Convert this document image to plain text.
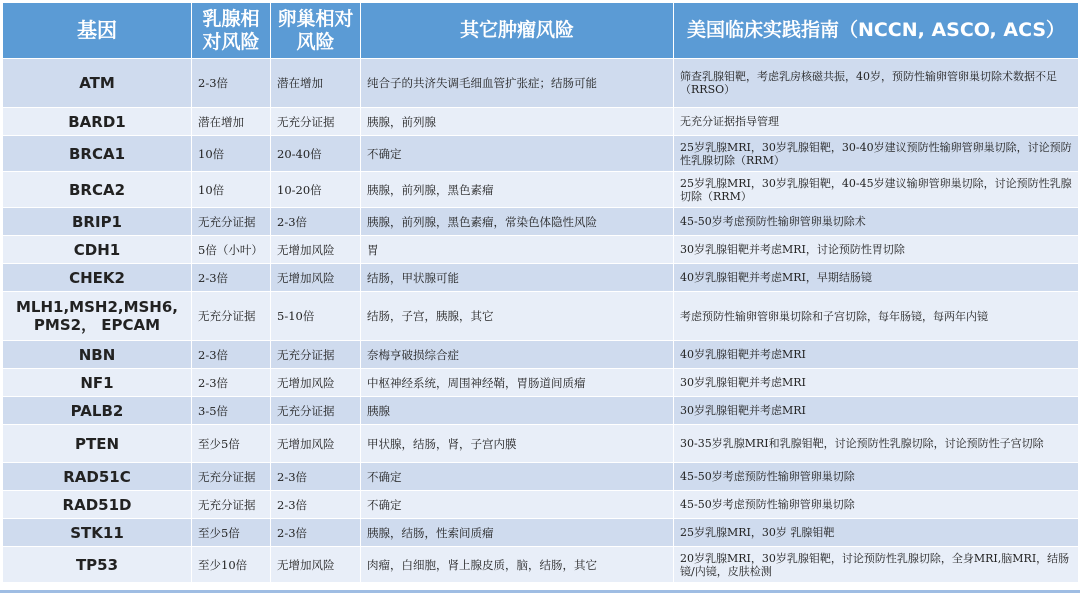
基因	乳腺相对风险	卵巢相对风险	其它肿瘤风险	美国临床实践指南（NCCN, ASCO, ACS）
ATM	2-3倍	潜在增加	纯合子的共济失调毛细血管扩张症；结肠可能	筛查乳腺钼靶，考虑乳房核磁共振，40岁，预防性输卵管卵巢切除术数据不足（RRSO）
BARD1	潜在增加	无充分证据	胰腺，前列腺	无充分证据指导管理
BRCA1	10倍	20-40倍	不确定	25岁乳腺MRI，30岁乳腺钼靶，30-40岁建议预防性输卵管卵巢切除，讨论预防性乳腺切除（RRM）
BRCA2	10倍	10-20倍	胰腺，前列腺，黑色素瘤	25岁乳腺MRI，30岁乳腺钼靶，40-45岁建议输卵管卵巢切除，讨论预防性乳腺切除（RRM）
BRIP1	无充分证据	2-3倍	胰腺，前列腺，黑色素瘤，常染色体隐性风险	45-50岁考虑预防性输卵管卵巢切除术
CDH1	5倍（小叶）	无增加风险	胃	30岁乳腺钼靶并考虑MRI，讨论预防性胃切除
CHEK2	2-3倍	无增加风险	结肠，甲状腺可能	40岁乳腺钼靶并考虑MRI，早期结肠镜
MLH1,MSH2,MSH6, PMS2， EPCAM	无充分证据	5-10倍	结肠，子宫，胰腺，其它	考虑预防性输卵管卵巢切除和子宫切除，每年肠镜，每两年内镜
NBN	2-3倍	无充分证据	奈梅亨破损综合症	40岁乳腺钼靶并考虑MRI
NF1	2-3倍	无增加风险	中枢神经系统，周围神经鞘，胃肠道间质瘤	30岁乳腺钼靶并考虑MRI
PALB2	3-5倍	无充分证据	胰腺	30岁乳腺钼靶并考虑MRI
PTEN	至少5倍	无增加风险	甲状腺，结肠，肾，子宫内膜	30-35岁乳腺MRI和乳腺钼靶，讨论预防性乳腺切除，讨论预防性子宫切除
RAD51C	无充分证据	2-3倍	不确定	45-50岁考虑预防性输卵管卵巢切除
RAD51D	无充分证据	2-3倍	不确定	45-50岁考虑预防性输卵管卵巢切除
STK11	至少5倍	2-3倍	胰腺，结肠，性索间质瘤	25岁乳腺MRI，30岁 乳腺钼靶
TP53	至少10倍	无增加风险	肉瘤，白细胞，肾上腺皮质，脑，结肠，其它	20岁乳腺MRI，30岁乳腺钼靶，讨论预防性乳腺切除，全身MRI,脑MRI，结肠镜/内镜，皮肤检测
